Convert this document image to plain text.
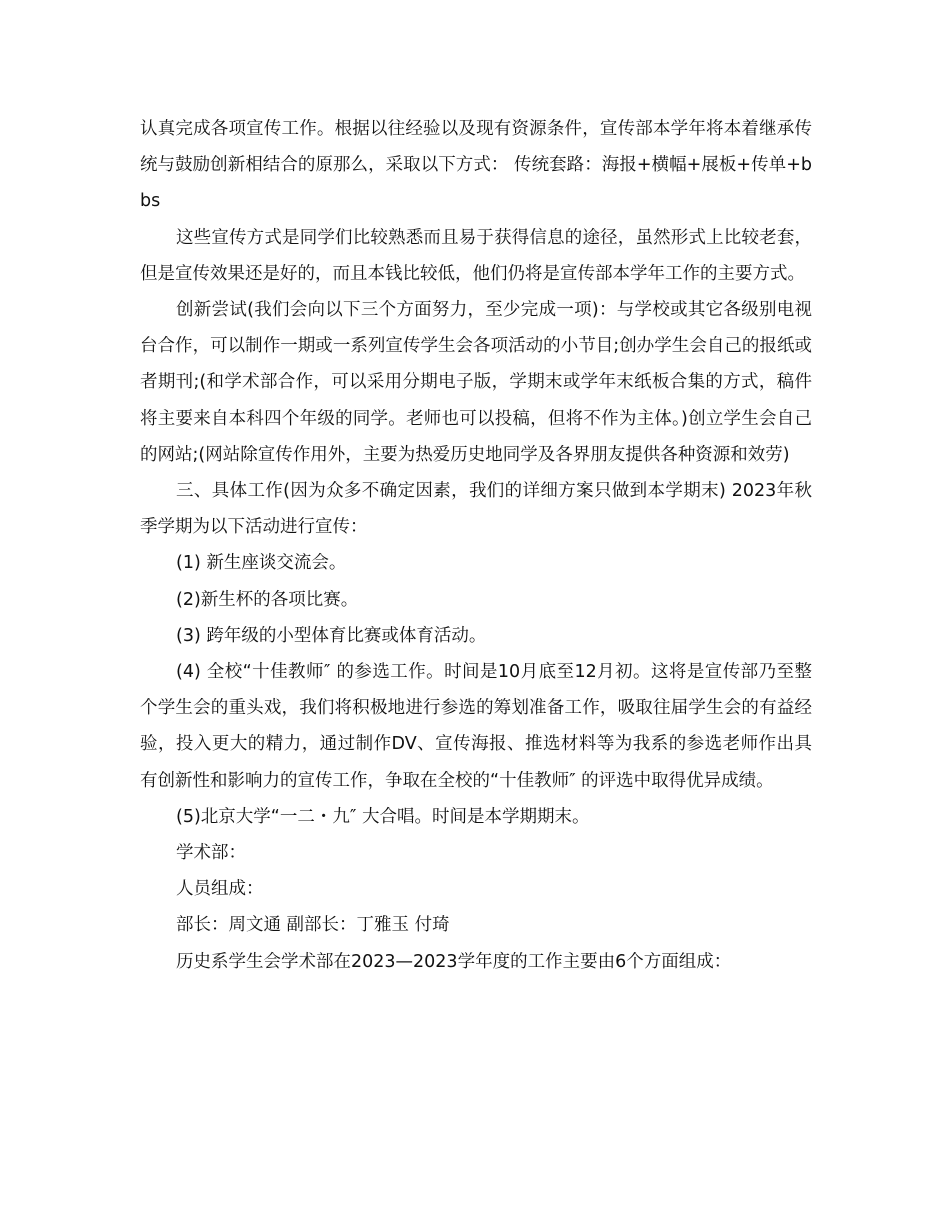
认真完成各项宣传工作。根据以往经验以及现有资源条件，宣传部本学年将本着继承传统与鼓励创新相结合的原那么，采取以下方式： 传统套路：海报+横幅+展板+传单+bbs

这些宣传方式是同学们比较熟悉而且易于获得信息的途径，虽然形式上比较老套，但是宣传效果还是好的，而且本钱比较低，他们仍将是宣传部本学年工作的主要方式。

创新尝试(我们会向以下三个方面努力，至少完成一项)：与学校或其它各级别电视台合作，可以制作一期或一系列宣传学生会各项活动的小节目;创办学生会自己的报纸或者期刊;(和学术部合作，可以采用分期电子版，学期末或学年末纸板合集的方式，稿件将主要来自本科四个年级的同学。老师也可以投稿，但将不作为主体。)创立学生会自己的网站;(网站除宣传作用外，主要为热爱历史地同学及各界朋友提供各种资源和效劳)

三、具体工作(因为众多不确定因素，我们的详细方案只做到本学期末) 2023年秋季学期为以下活动进行宣传：

(1) 新生座谈交流会。

(2)新生杯的各项比赛。

(3) 跨年级的小型体育比赛或体育活动。

(4) 全校“十佳教师″ 的参选工作。时间是10月底至12月初。这将是宣传部乃至整个学生会的重头戏，我们将积极地进行参选的筹划准备工作，吸取往届学生会的有益经验，投入更大的精力，通过制作DV、宣传海报、推选材料等为我系的参选老师作出具有创新性和影响力的宣传工作，争取在全校的“十佳教师″ 的评选中取得优异成绩。

(5)北京大学“一二・九″ 大合唱。时间是本学期期末。

学术部：

人员组成：

部长：周文通 副部长：丁雅玉 付琦

历史系学生会学术部在2023—2023学年度的工作主要由6个方面组成：
